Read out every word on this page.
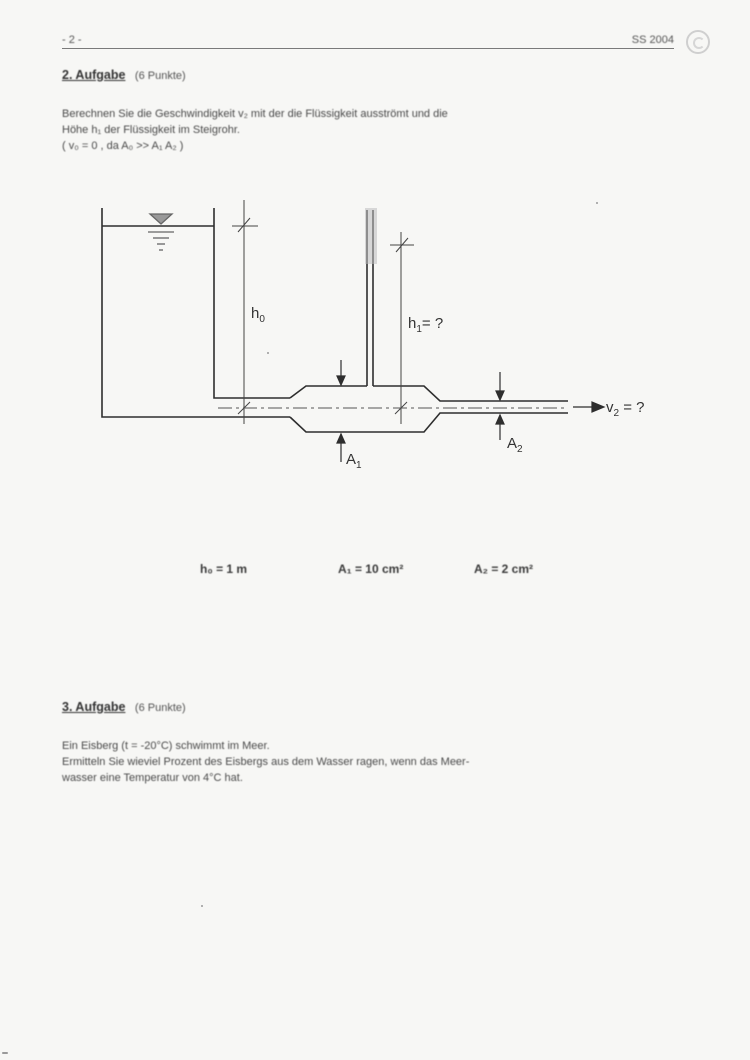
- 2 -	SS 2004
2. Aufgabe (6 Punkte)

Berechnen Sie die Geschwindigkeit v₂ mit der die Flüssigkeit ausströmt und die

Höhe h₁ der Flüssigkeit im Steigrohr.

( v₀ = 0 , da A₀ >> A₁ A₂ )

$h_0$	$h_1=$ ?
$A_1$
$A_2$
$v_2$ = ?
h₀ = 1 m	A₁ = 10 cm²	A₂ = 2 cm²
3. Aufgabe (6 Punkte)

Ein Eisberg (t = -20°C) schwimmt im Meer.

Ermitteln Sie wieviel Prozent des Eisbergs aus dem Wasser ragen, wenn das Meer-

wasser eine Temperatur von 4°C hat.
